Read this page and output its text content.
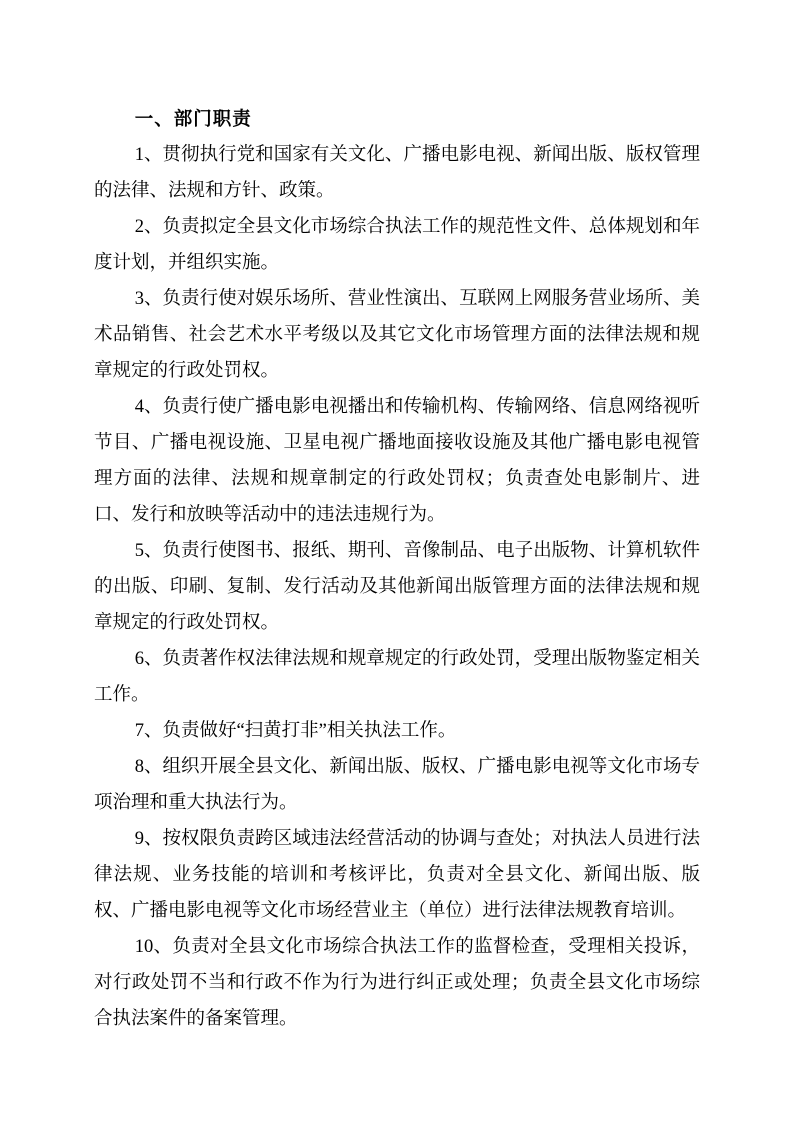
一、部门职责

1、贯彻执行党和国家有关文化、广播电影电视、新闻出版、版权管理的法律、法规和方针、政策。

2、负责拟定全县文化市场综合执法工作的规范性文件、总体规划和年度计划，并组织实施。

3、负责行使对娱乐场所、营业性演出、互联网上网服务营业场所、美术品销售、社会艺术水平考级以及其它文化市场管理方面的法律法规和规章规定的行政处罚权。

4、负责行使广播电影电视播出和传输机构、传输网络、信息网络视听节目、广播电视设施、卫星电视广播地面接收设施及其他广播电影电视管理方面的法律、法规和规章制定的行政处罚权；负责查处电影制片、进口、发行和放映等活动中的违法违规行为。

5、负责行使图书、报纸、期刊、音像制品、电子出版物、计算机软件的出版、印刷、复制、发行活动及其他新闻出版管理方面的法律法规和规章规定的行政处罚权。

6、负责著作权法律法规和规章规定的行政处罚，受理出版物鉴定相关工作。

7、负责做好“扫黄打非”相关执法工作。

8、组织开展全县文化、新闻出版、版权、广播电影电视等文化市场专项治理和重大执法行为。

9、按权限负责跨区域违法经营活动的协调与查处；对执法人员进行法律法规、业务技能的培训和考核评比，负责对全县文化、新闻出版、版权、广播电影电视等文化市场经营业主（单位）进行法律法规教育培训。

10、负责对全县文化市场综合执法工作的监督检查，受理相关投诉，对行政处罚不当和行政不作为行为进行纠正或处理；负责全县文化市场综合执法案件的备案管理。
